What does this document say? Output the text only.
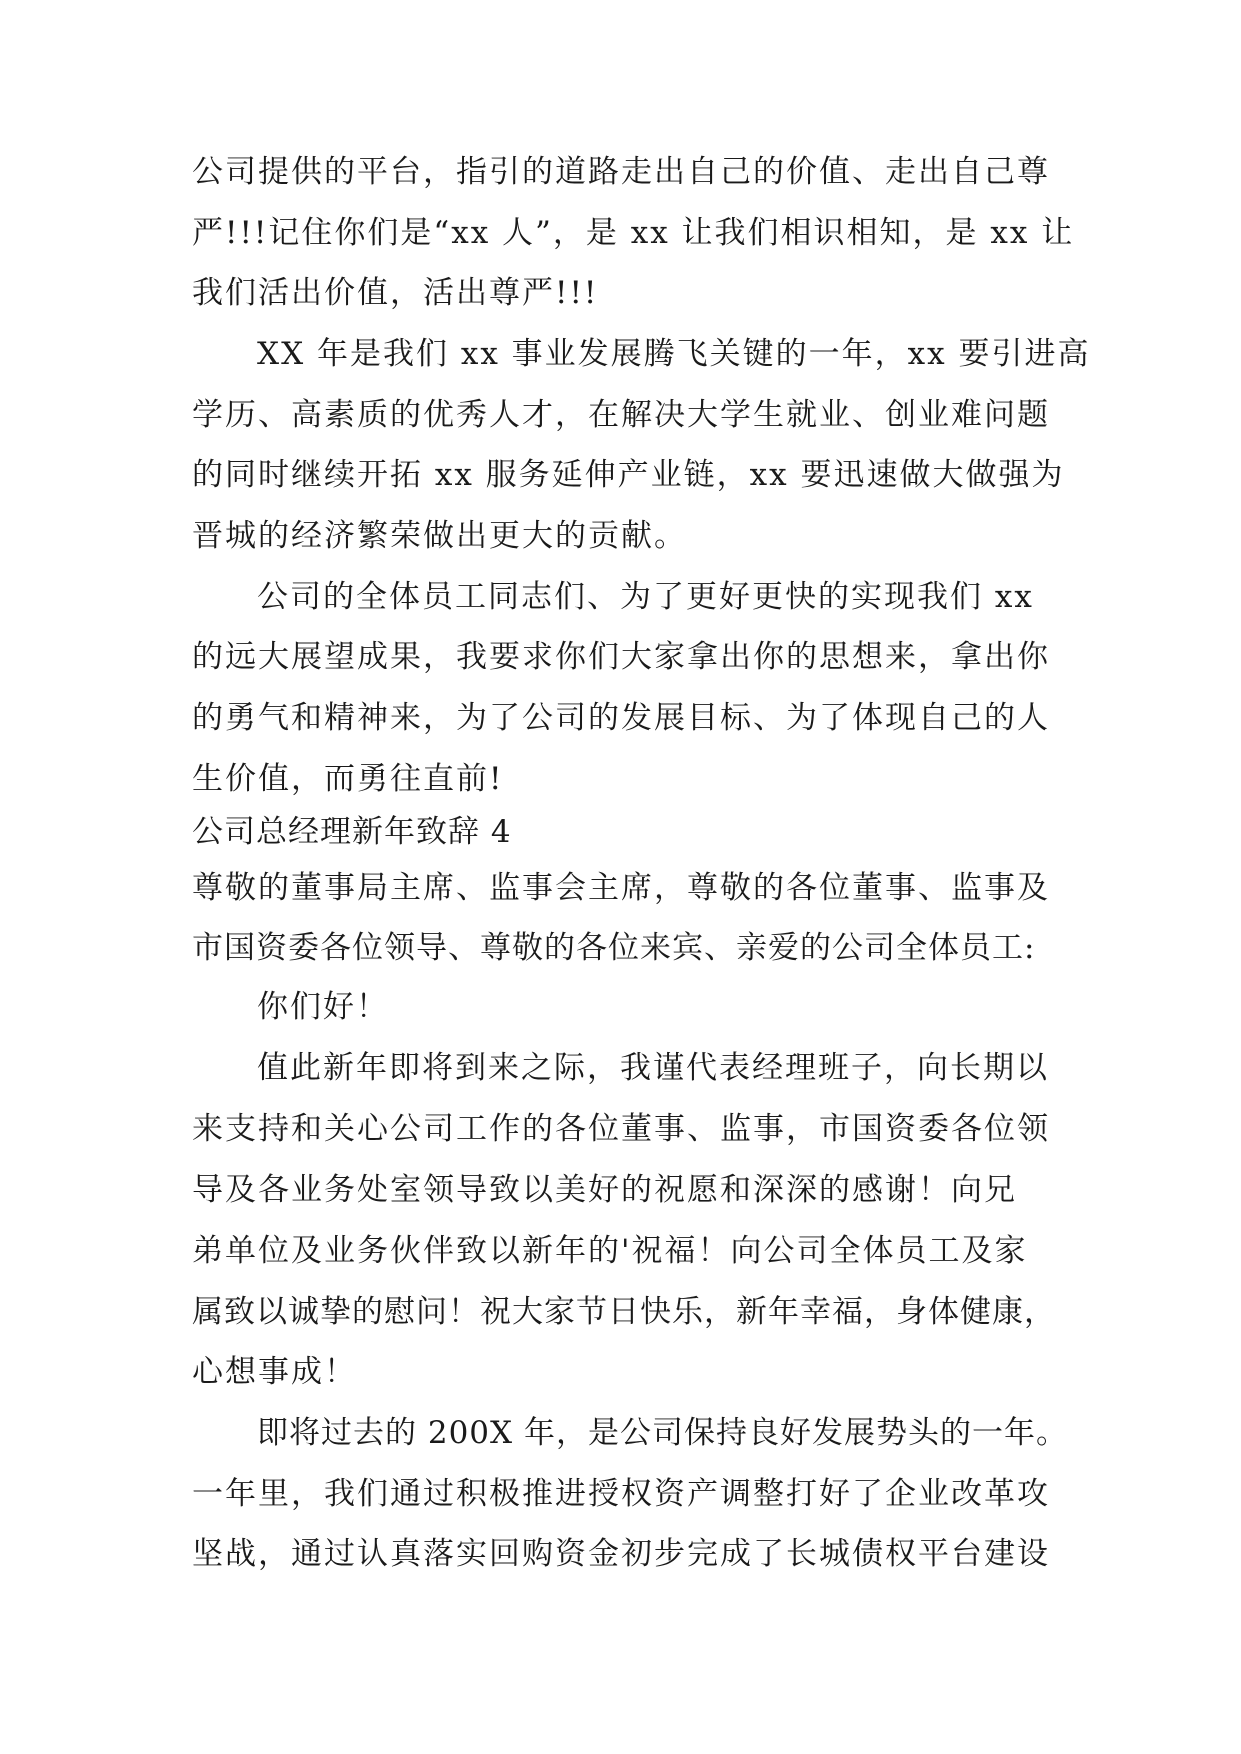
公司提供的平台，指引的道路走出自己的价值、走出自己尊
严!!!记住你们是“xx 人”，是 xx 让我们相识相知，是 xx 让
我们活出价值，活出尊严!!!
XX 年是我们 xx 事业发展腾飞关键的一年，xx 要引进高
学历、高素质的优秀人才，在解决大学生就业、创业难问题
的同时继续开拓 xx 服务延伸产业链，xx 要迅速做大做强为
晋城的经济繁荣做出更大的贡献。
公司的全体员工同志们、为了更好更快的实现我们 xx
的远大展望成果，我要求你们大家拿出你的思想来，拿出你
的勇气和精神来，为了公司的发展目标、为了体现自己的人
生价值，而勇往直前!
公司总经理新年致辞 4
尊敬的董事局主席、监事会主席，尊敬的各位董事、监事及
市国资委各位领导、尊敬的各位来宾、亲爱的公司全体员工:
你们好！
值此新年即将到来之际，我谨代表经理班子，向长期以
来支持和关心公司工作的各位董事、监事，市国资委各位领
导及各业务处室领导致以美好的祝愿和深深的感谢！向兄
弟单位及业务伙伴致以新年的'祝福！向公司全体员工及家
属致以诚挚的慰问！祝大家节日快乐，新年幸福，身体健康，
心想事成！
即将过去的 200X 年，是公司保持良好发展势头的一年。
一年里，我们通过积极推进授权资产调整打好了企业改革攻
坚战，通过认真落实回购资金初步完成了长城债权平台建设
